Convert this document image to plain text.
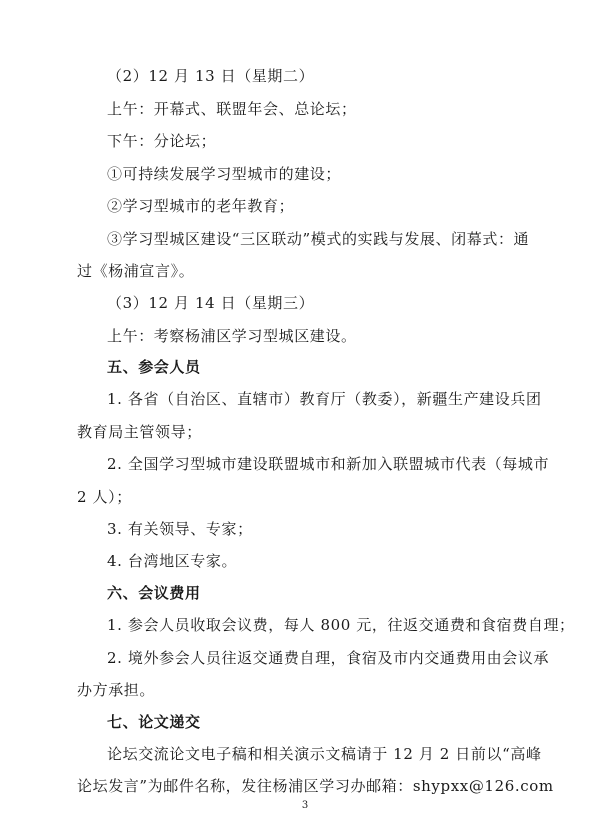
（2）12 月 13 日（星期二）
上午：开幕式、联盟年会、总论坛；
下午：分论坛；
①可持续发展学习型城市的建设；
②学习型城市的老年教育；
③学习型城区建设“三区联动”模式的实践与发展、闭幕式：通
过《杨浦宣言》。
（3）12 月 14 日（星期三）
上午：考察杨浦区学习型城区建设。
五、参会人员
1. 各省（自治区、直辖市）教育厅（教委），新疆生产建设兵团
教育局主管领导；
2. 全国学习型城市建设联盟城市和新加入联盟城市代表（每城市
2 人）；
3. 有关领导、专家；
4. 台湾地区专家。
六、会议费用
1. 参会人员收取会议费，每人 800 元，往返交通费和食宿费自理；
2. 境外参会人员往返交通费自理，食宿及市内交通费用由会议承
办方承担。
七、论文递交
论坛交流论文电子稿和相关演示文稿请于 12 月 2 日前以“高峰
论坛发言”为邮件名称，发往杨浦区学习办邮箱：shypxx@126.com
3
